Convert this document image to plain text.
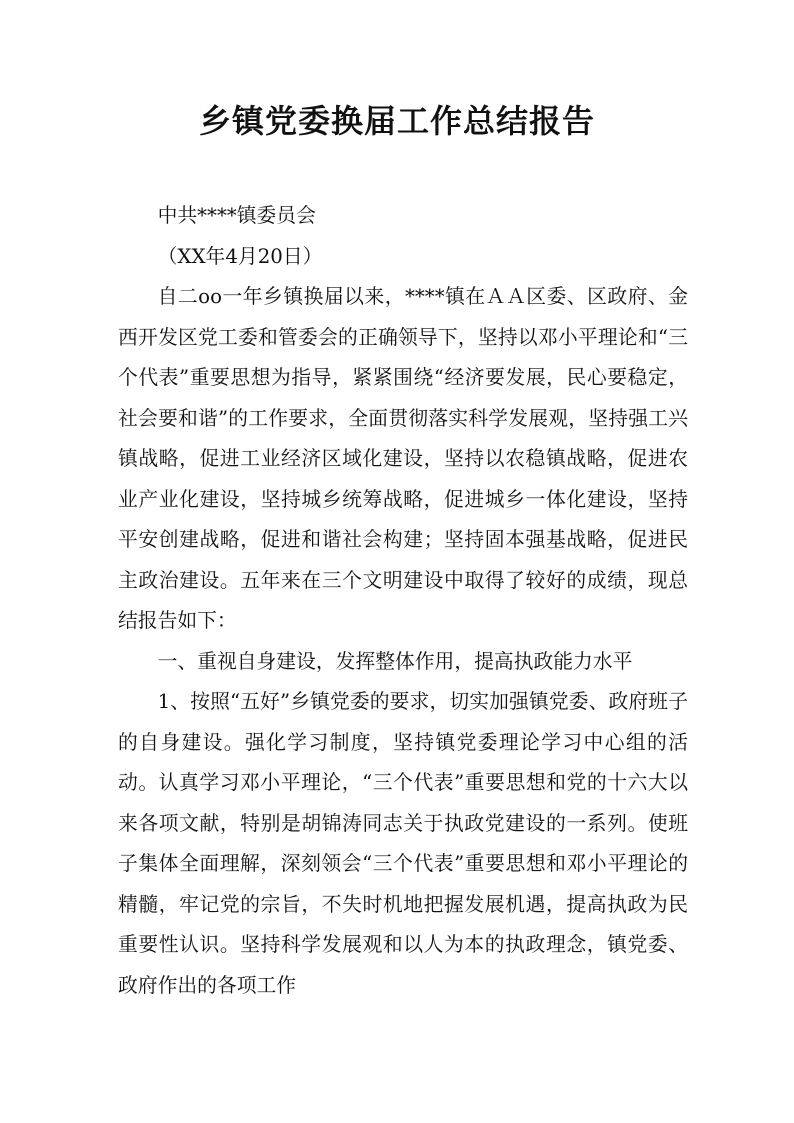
乡镇党委换届工作总结报告

中共****镇委员会

（XX年4月20日）

自二oo一年乡镇换届以来，****镇在ＡＡ区委、区政府、金西开发区党工委和管委会的正确领导下，坚持以邓小平理论和“三个代表”重要思想为指导，紧紧围绕“经济要发展，民心要稳定，社会要和谐”的工作要求，全面贯彻落实科学发展观，坚持强工兴镇战略，促进工业经济区域化建设，坚持以农稳镇战略，促进农业产业化建设，坚持城乡统筹战略，促进城乡一体化建设，坚持平安创建战略，促进和谐社会构建；坚持固本强基战略，促进民主政治建设。五年来在三个文明建设中取得了较好的成绩，现总结报告如下：

一、重视自身建设，发挥整体作用，提高执政能力水平

1、按照“五好”乡镇党委的要求，切实加强镇党委、政府班子的自身建设。强化学习制度，坚持镇党委理论学习中心组的活动。认真学习邓小平理论，“三个代表”重要思想和党的十六大以来各项文献，特别是胡锦涛同志关于执政党建设的一系列。使班子集体全面理解，深刻领会“三个代表”重要思想和邓小平理论的精髓，牢记党的宗旨，不失时机地把握发展机遇，提高执政为民重要性认识。坚持科学发展观和以人为本的执政理念，镇党委、政府作出的各项工作
